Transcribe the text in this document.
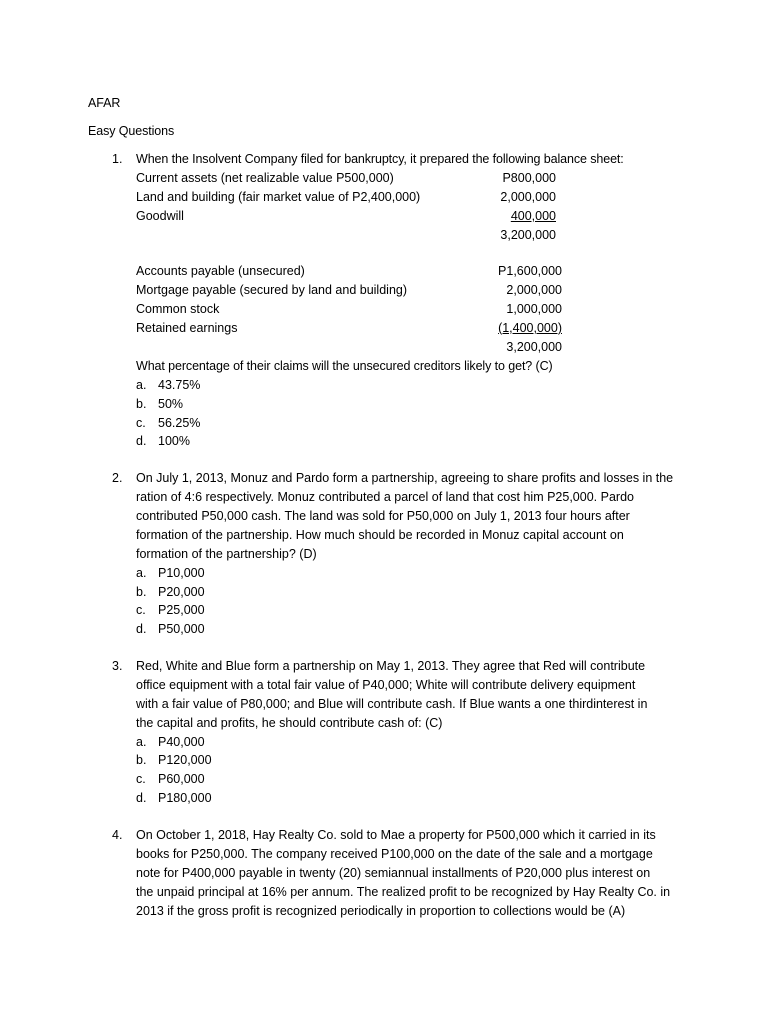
AFAR
Easy Questions
1. When the Insolvent Company filed for bankruptcy, it prepared the following balance sheet:
Current assets (net realizable value P500,000)	P800,000
Land and building (fair market value of P2,400,000)	2,000,000
Goodwill	400,000
3,200,000
Accounts payable (unsecured)	P1,600,000
Mortgage payable (secured by land and building)	2,000,000
Common stock	1,000,000
Retained earnings	(1,400,000)
3,200,000
What percentage of their claims will the unsecured creditors likely to get? (C)
a. 43.75%
b. 50%
c. 56.25%
d. 100%
2. On July 1, 2013, Monuz and Pardo form a partnership, agreeing to share profits and losses in the
ration of 4:6 respectively. Monuz contributed a parcel of land that cost him P25,000. Pardo
contributed P50,000 cash. The land was sold for P50,000 on July 1, 2013 four hours after
formation of the partnership. How much should be recorded in Monuz capital account on
formation of the partnership? (D)
a. P10,000
b. P20,000
c. P25,000
d. P50,000
3. Red, White and Blue form a partnership on May 1, 2013. They agree that Red will contribute
office equipment with a total fair value of P40,000; White will contribute delivery equipment
with a fair value of P80,000; and Blue will contribute cash. If Blue wants a one thirdinterest in
the capital and profits, he should contribute cash of: (C)
a. P40,000
b. P120,000
c. P60,000
d. P180,000
4. On October 1, 2018, Hay Realty Co. sold to Mae a property for P500,000 which it carried in its
books for P250,000. The company received P100,000 on the date of the sale and a mortgage
note for P400,000 payable in twenty (20) semiannual installments of P20,000 plus interest on
the unpaid principal at 16% per annum. The realized profit to be recognized by Hay Realty Co. in
2013 if the gross profit is recognized periodically in proportion to collections would be (A)
